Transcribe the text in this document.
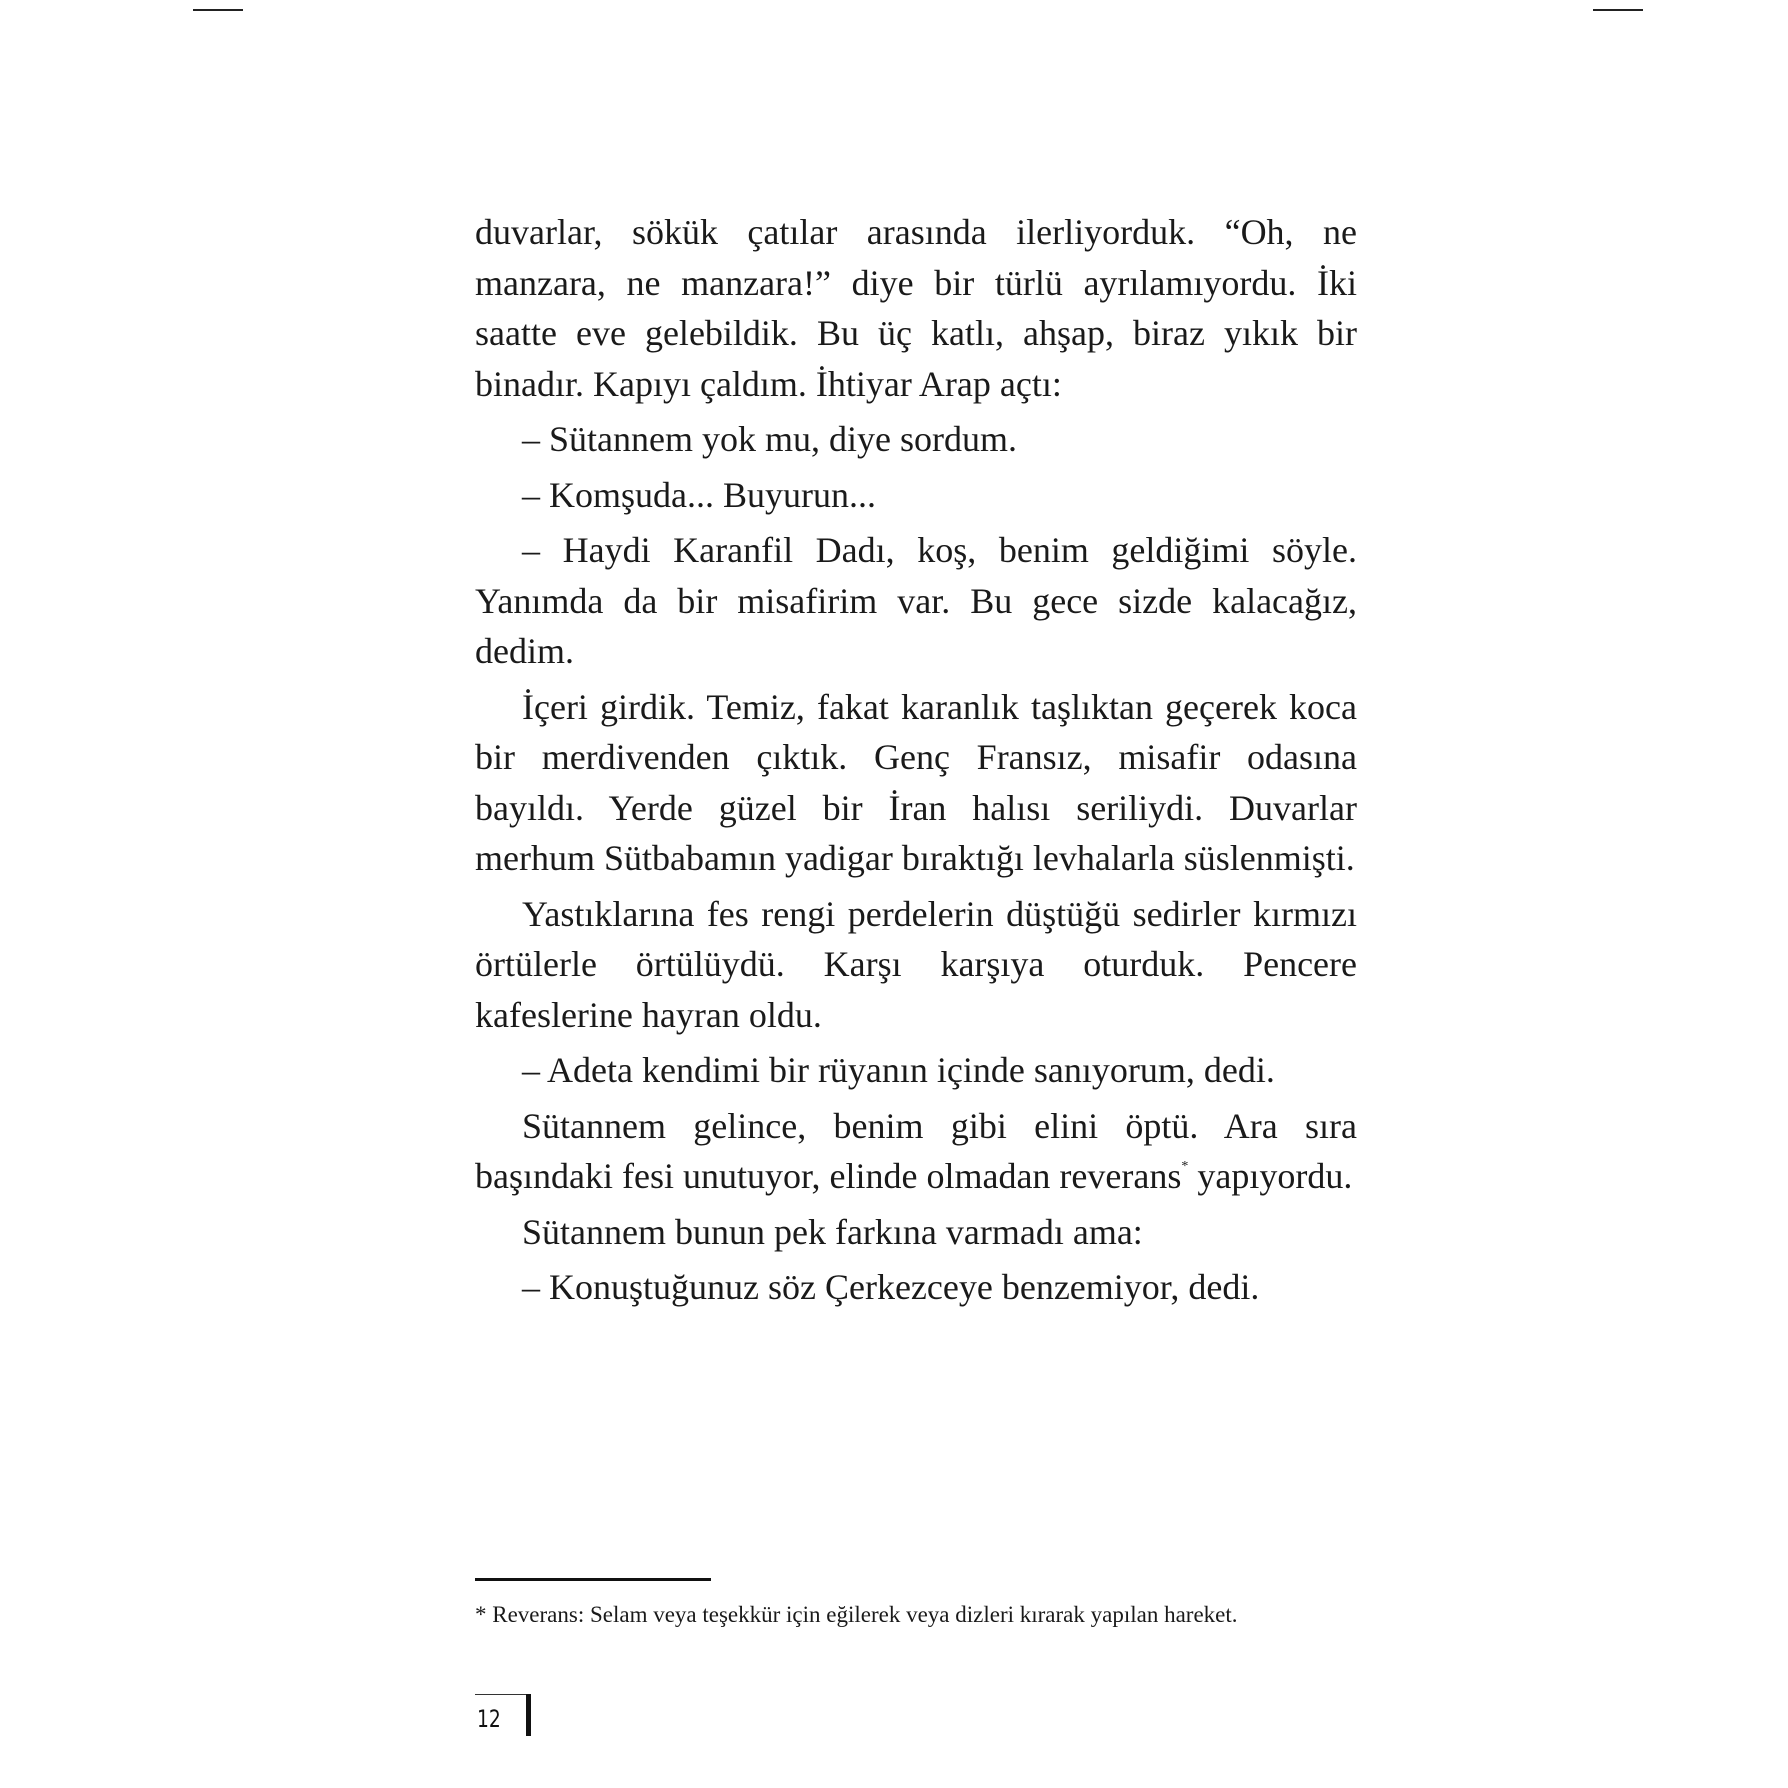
duvarlar, sökük çatılar arasında ilerliyorduk. “Oh, ne manzara, ne manzara!” diye bir türlü ayrılamıyordu. İki saatte eve gelebildik. Bu üç katlı, ahşap, biraz yıkık bir binadır. Kapıyı çaldım. İhtiyar Arap açtı:

– Sütannem yok mu, diye sordum.

– Komşuda... Buyurun...

– Haydi Karanfil Dadı, koş, benim geldiğimi söyle. Yanımda da bir misafirim var. Bu gece sizde kalacağız, dedim.

İçeri girdik. Temiz, fakat karanlık taşlıktan geçerek koca bir merdivenden çıktık. Genç Fransız, misafir odasına bayıldı. Yerde güzel bir İran halısı seriliydi. Duvarlar merhum Sütbabamın yadigar bıraktığı levhalarla süslenmişti.

Yastıklarına fes rengi perdelerin düştüğü sedirler kırmızı örtülerle örtülüydü. Karşı karşıya oturduk. Pencere kafeslerine hayran oldu.

– Adeta kendimi bir rüyanın içinde sanıyorum, dedi.

Sütannem gelince, benim gibi elini öptü. Ara sıra başındaki fesi unutuyor, elinde olmadan reverans* yapıyordu.

Sütannem bunun pek farkına varmadı ama:

– Konuştuğunuz söz Çerkezceye benzemiyor, dedi.

* Reverans: Selam veya teşekkür için eğilerek veya dizleri kırarak yapılan hareket.
12
